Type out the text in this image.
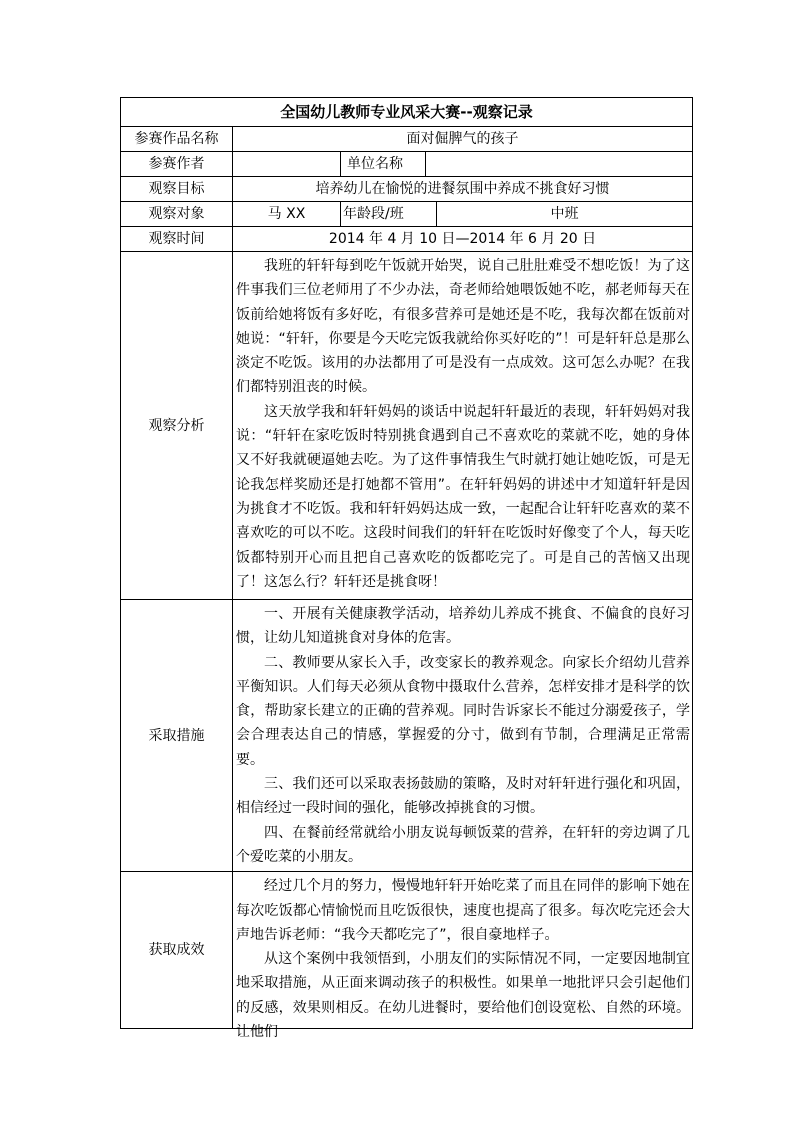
全国幼儿教师专业风采大赛--观察记录				
参赛作品名称	面对倔脾气的孩子			
参赛作者		单位名称		
观察目标	培养幼儿在愉悦的进餐氛围中养成不挑食好习惯			
观察对象	马 XX	年龄段/班		中班
观察时间	2014 年 4 月 10 日—2014 年 6 月 20 日			
观察分析	我班的轩轩每到吃午饭就开始哭，说自己肚肚难受不想吃饭！为了这件事我们三位老师用了不少办法，奇老师给她喂饭她不吃，郝老师每天在饭前给她将饭有多好吃，有很多营养可是她还是不吃，我每次都在饭前对她说：“轩轩，你要是今天吃完饭我就给你买好吃的”！可是轩轩总是那么淡定不吃饭。该用的办法都用了可是没有一点成效。这可怎么办呢？在我们都特别沮丧的时候。

这天放学我和轩轩妈妈的谈话中说起轩轩最近的表现，轩轩妈妈对我说：“轩轩在家吃饭时特别挑食遇到自己不喜欢吃的菜就不吃，她的身体又不好我就硬逼她去吃。为了这件事情我生气时就打她让她吃饭，可是无论我怎样奖励还是打她都不管用”。在轩轩妈妈的讲述中才知道轩轩是因为挑食才不吃饭。我和轩轩妈妈达成一致，一起配合让轩轩吃喜欢的菜不喜欢吃的可以不吃。这段时间我们的轩轩在吃饭时好像变了个人，每天吃饭都特别开心而且把自己喜欢吃的饭都吃完了。可是自己的苦恼又出现了！这怎么行？轩轩还是挑食呀！			

采取措施	一、开展有关健康教学活动，培养幼儿养成不挑食、不偏食的良好习惯，让幼儿知道挑食对身体的危害。

二、教师要从家长入手，改变家长的教养观念。向家长介绍幼儿营养平衡知识。人们每天必须从食物中摄取什么营养，怎样安排才是科学的饮食，帮助家长建立的正确的营养观。同时告诉家长不能过分溺爱孩子，学会合理表达自己的情感，掌握爱的分寸，做到有节制，合理满足正常需要。

三、我们还可以采取表扬鼓励的策略，及时对轩轩进行强化和巩固，相信经过一段时间的强化，能够改掉挑食的习惯。

四、在餐前经常就给小朋友说每顿饭菜的营养，在轩轩的旁边调了几个爱吃菜的小朋友。			

获取成效	经过几个月的努力，慢慢地轩轩开始吃菜了而且在同伴的影响下她在每次吃饭都心情愉悦而且吃饭很快，速度也提高了很多。每次吃完还会大声地告诉老师：“我今天都吃完了”，很自豪地样子。

从这个案例中我领悟到，小朋友们的实际情况不同，一定要因地制宜地采取措施，从正面来调动孩子的积极性。如果单一地批评只会引起他们的反感，效果则相反。在幼儿进餐时，要给他们创设宽松、自然的环境。让他们			
